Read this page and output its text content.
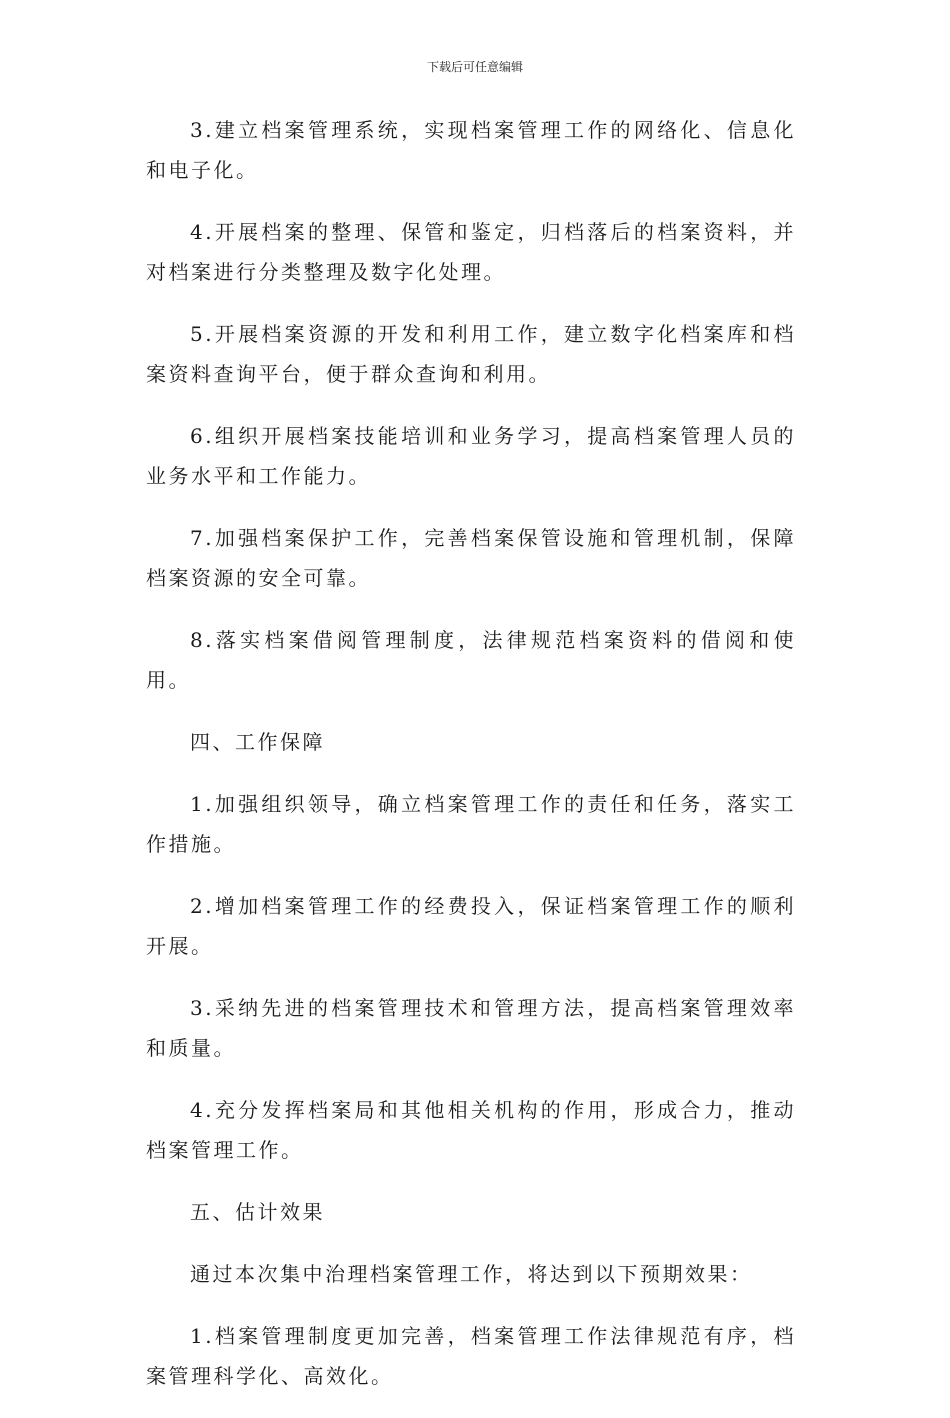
下载后可任意编辑

3.建立档案管理系统，实现档案管理工作的网络化、信息化和电子化。

4.开展档案的整理、保管和鉴定，归档落后的档案资料，并对档案进行分类整理及数字化处理。

5.开展档案资源的开发和利用工作，建立数字化档案库和档案资料查询平台，便于群众查询和利用。

6.组织开展档案技能培训和业务学习，提高档案管理人员的业务水平和工作能力。

7.加强档案保护工作，完善档案保管设施和管理机制，保障档案资源的安全可靠。

8.落实档案借阅管理制度，法律规范档案资料的借阅和使用。

四、工作保障

1.加强组织领导，确立档案管理工作的责任和任务，落实工作措施。

2.增加档案管理工作的经费投入，保证档案管理工作的顺利开展。

3.采纳先进的档案管理技术和管理方法，提高档案管理效率和质量。

4.充分发挥档案局和其他相关机构的作用，形成合力，推动档案管理工作。

五、估计效果

通过本次集中治理档案管理工作，将达到以下预期效果：

1.档案管理制度更加完善，档案管理工作法律规范有序，档案管理科学化、高效化。
